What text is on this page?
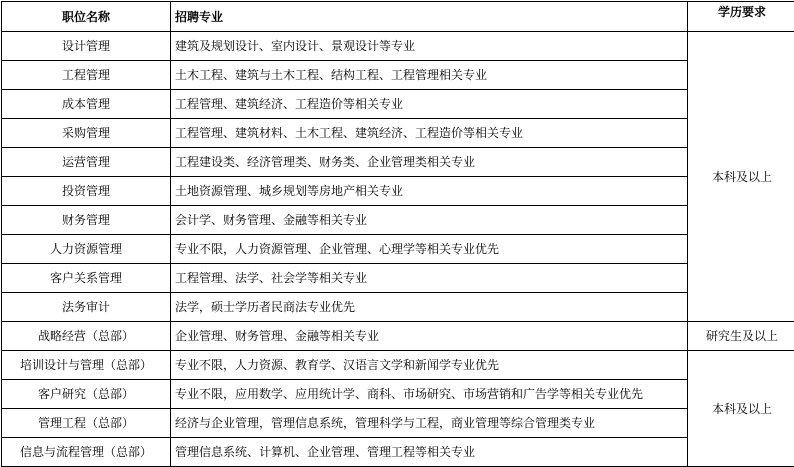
职位名称	招聘专业	学历要求
设计管理	建筑及规划设计、室内设计、景观设计等专业	本科及以上
工程管理	土木工程、建筑与土木工程、结构工程、工程管理相关专业	
成本管理	工程管理、建筑经济、工程造价等相关专业	
采购管理	工程管理、建筑材料、土木工程、建筑经济、工程造价等相关专业	
运营管理	工程建设类、经济管理类、财务类、企业管理类相关专业	
投资管理	土地资源管理、城乡规划等房地产相关专业	
财务管理	会计学、财务管理、金融等相关专业	
人力资源管理	专业不限，人力资源管理、企业管理、心理学等相关专业优先	
客户关系管理	工程管理、法学、社会学等相关专业	
法务审计	法学，硕士学历者民商法专业优先	
战略经营（总部）	企业管理、财务管理、金融等相关专业	研究生及以上
培训设计与管理（总部）	专业不限，人力资源、教育学、汉语言文学和新闻学专业优先	本科及以上
客户研究（总部）	专业不限，应用数学、应用统计学、商科、市场研究、市场营销和广告学等相关专业优先	
管理工程（总部）	经济与企业管理，管理信息系统，管理科学与工程，商业管理等综合管理类专业	
信息与流程管理（总部）	管理信息系统、计算机、企业管理、管理工程等相关专业	
